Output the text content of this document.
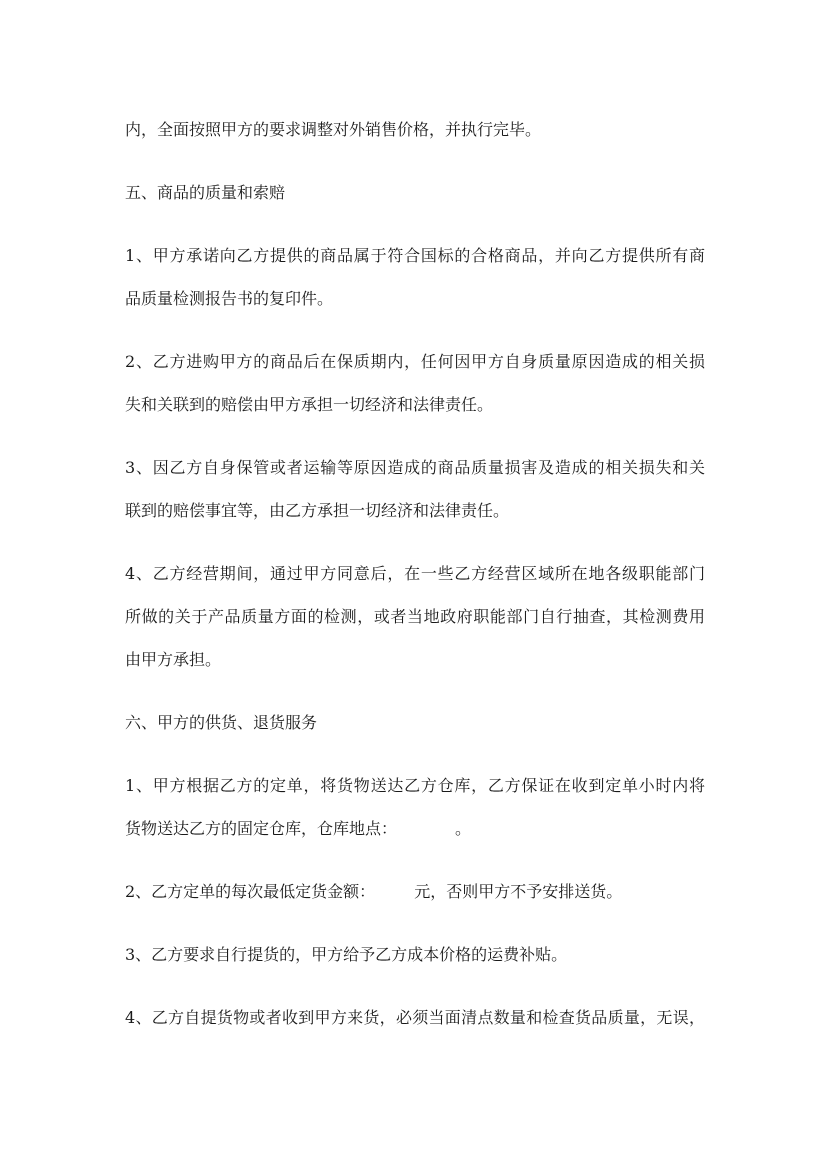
内，全面按照甲方的要求调整对外销售价格，并执行完毕。
五、商品的质量和索赔
1、甲方承诺向乙方提供的商品属于符合国标的合格商品，并向乙方提供所有商
品质量检测报告书的复印件。
2、乙方进购甲方的商品后在保质期内，任何因甲方自身质量原因造成的相关损
失和关联到的赔偿由甲方承担一切经济和法律责任。
3、因乙方自身保管或者运输等原因造成的商品质量损害及造成的相关损失和关
联到的赔偿事宜等，由乙方承担一切经济和法律责任。
4、乙方经营期间，通过甲方同意后，在一些乙方经营区域所在地各级职能部门
所做的关于产品质量方面的检测，或者当地政府职能部门自行抽查，其检测费用
由甲方承担。
六、甲方的供货、退货服务
1、甲方根据乙方的定单，将货物送达乙方仓库，乙方保证在收到定单小时内将
货物送达乙方的固定仓库，仓库地点：	。
2、乙方定单的每次最低定货金额： 元，否则甲方不予安排送货。
3、乙方要求自行提货的，甲方给予乙方成本价格的运费补贴。
4、乙方自提货物或者收到甲方来货，必须当面清点数量和检查货品质量，无误，
